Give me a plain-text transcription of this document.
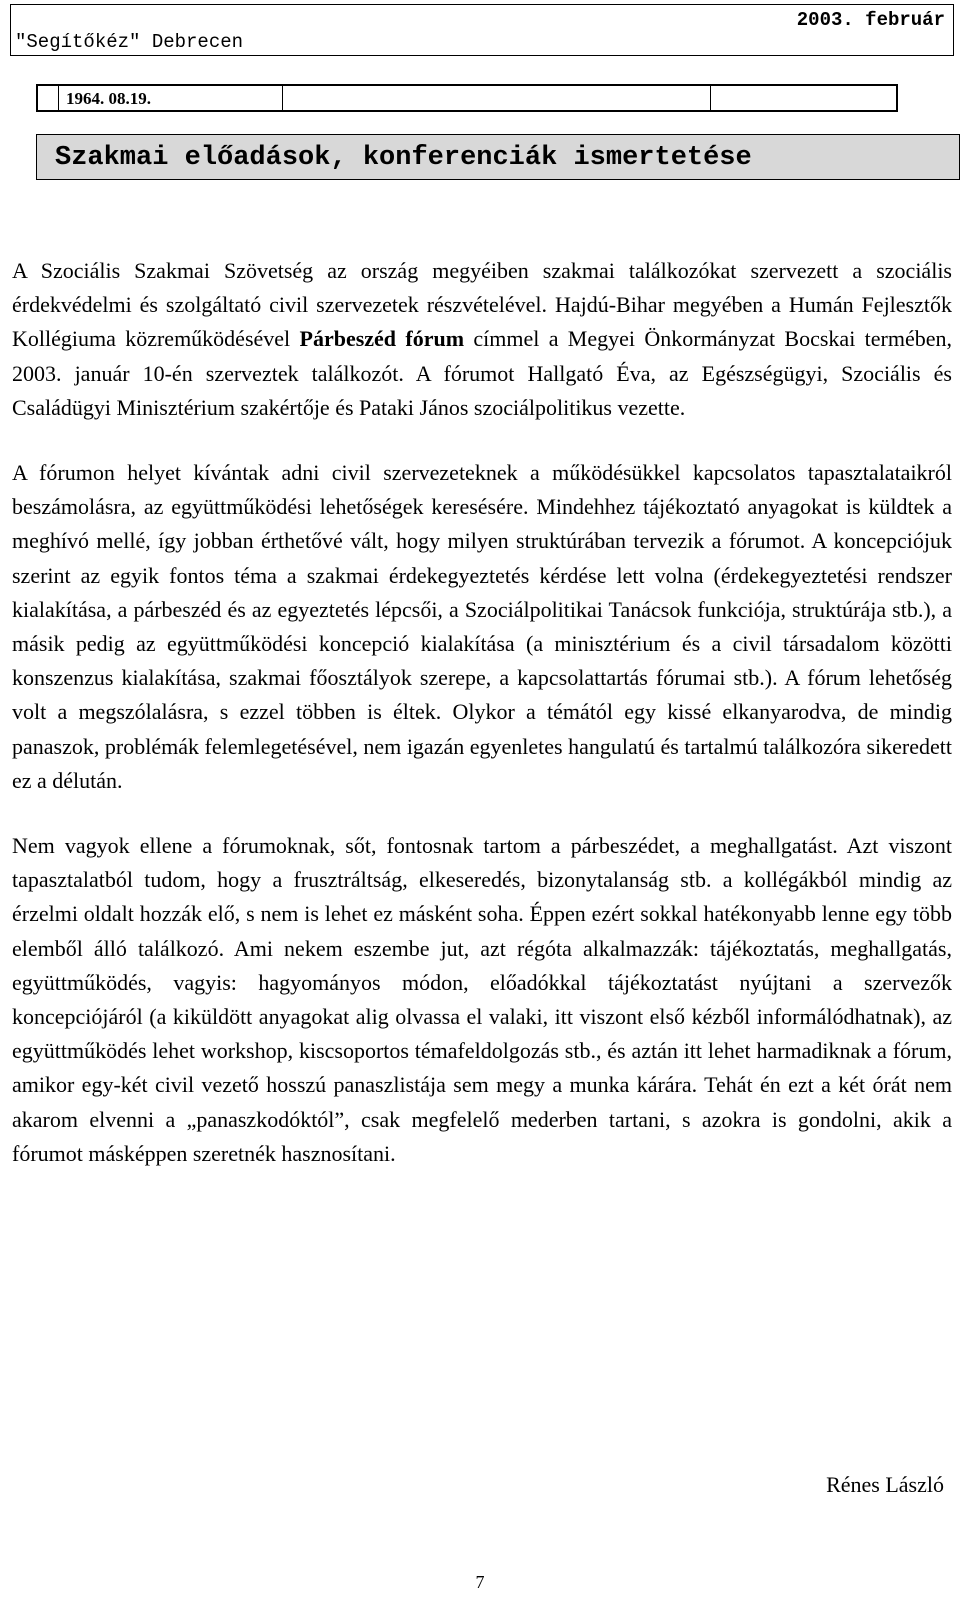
"Segítőkéz" Debrecen
2003. február
1964. 08.19.
Szakmai előadások, konferenciák ismertetése

A Szociális Szakmai Szövetség az ország megyéiben szakmai találkozókat szervezett a szociális érdekvédelmi és szolgáltató civil szervezetek részvételével. Hajdú-Bihar megyében a Humán Fejlesztők Kollégiuma közreműködésével Párbeszéd fórum címmel a Megyei Önkormányzat Bocskai termében, 2003. január 10-én szerveztek találkozót. A fórumot Hallgató Éva, az Egészségügyi, Szociális és Családügyi Minisztérium szakértője és Pataki János szociálpolitikus vezette.

A fórumon helyet kívántak adni civil szervezeteknek a működésükkel kapcsolatos tapasztalataikról beszámolásra, az együttműködési lehetőségek keresésére. Mindehhez tájékoztató anyagokat is küldtek a meghívó mellé, így jobban érthetővé vált, hogy milyen struktúrában tervezik a fórumot. A koncepciójuk szerint az egyik fontos téma a szakmai érdekegyeztetés kérdése lett volna (érdekegyeztetési rendszer kialakítása, a párbeszéd és az egyeztetés lépcsői, a Szociálpolitikai Tanácsok funkciója, struktúrája stb.), a másik pedig az együttműködési koncepció kialakítása (a minisztérium és a civil társadalom közötti konszenzus kialakítása, szakmai főosztályok szerepe, a kapcsolattartás fórumai stb.). A fórum lehetőség volt a megszólalásra, s ezzel többen is éltek. Olykor a témától egy kissé elkanyarodva, de mindig panaszok, problémák felemlegetésével, nem igazán egyenletes hangulatú és tartalmú találkozóra sikeredett ez a délután.

Nem vagyok ellene a fórumoknak, sőt, fontosnak tartom a párbeszédet, a meghallgatást. Azt viszont tapasztalatból tudom, hogy a frusztráltság, elkeseredés, bizonytalanság stb. a kollégákból mindig az érzelmi oldalt hozzák elő, s nem is lehet ez másként soha. Éppen ezért sokkal hatékonyabb lenne egy több elemből álló találkozó. Ami nekem eszembe jut, azt régóta alkalmazzák: tájékoztatás, meghallgatás, együttműködés, vagyis: hagyományos módon, előadókkal tájékoztatást nyújtani a szervezők koncepciójáról (a kiküldött anyagokat alig olvassa el valaki, itt viszont első kézből informálódhatnak), az együttműködés lehet workshop, kiscsoportos témafeldolgozás stb., és aztán itt lehet harmadiknak a fórum, amikor egy-két civil vezető hosszú panaszlistája sem megy a munka kárára. Tehát én ezt a két órát nem akarom elvenni a „panaszkodóktól”, csak megfelelő mederben tartani, s azokra is gondolni, akik a fórumot másképpen szeretnék hasznosítani.

Rénes László
7
